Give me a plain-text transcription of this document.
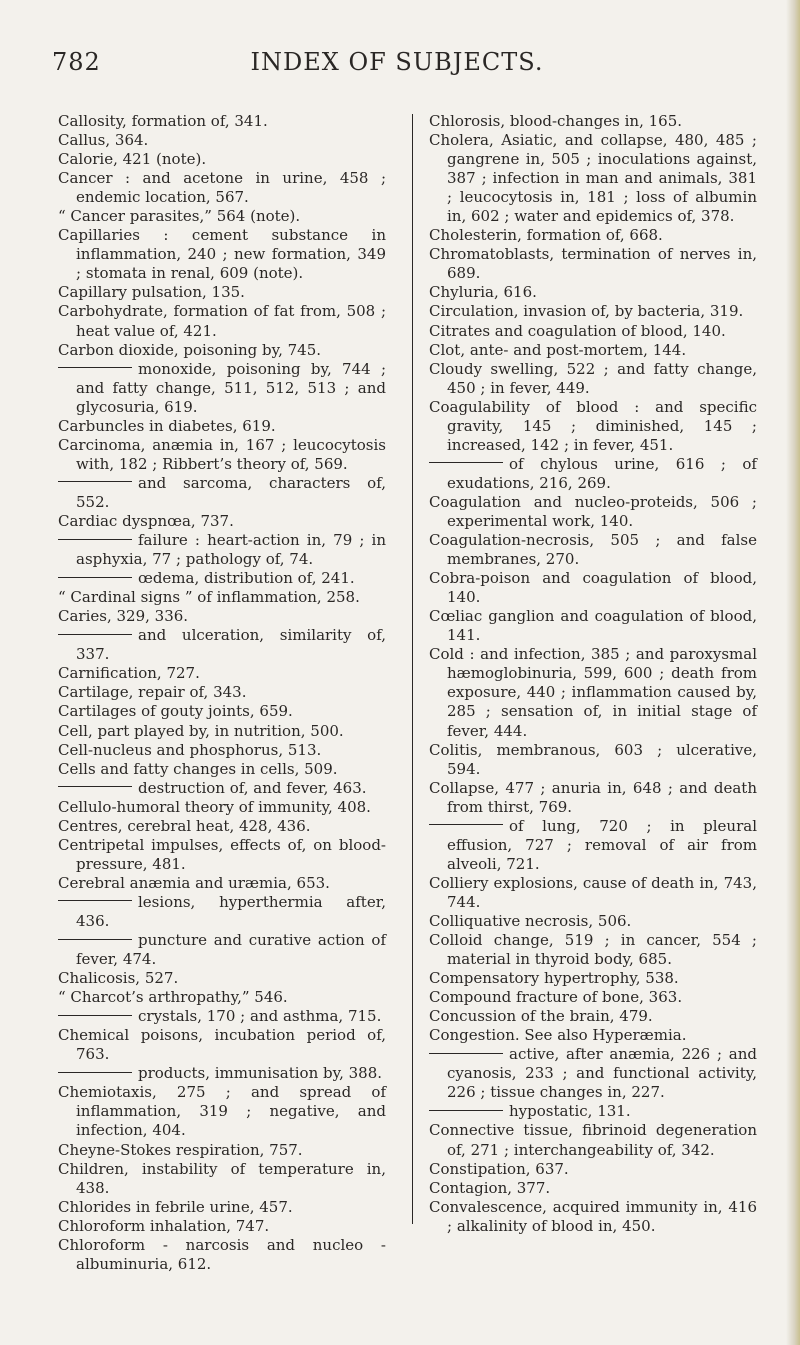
782	INDEX OF SUBJECTS.

Callosity, formation of, 341.

Callus, 364.

Calorie, 421 (note).

Cancer : and acetone in urine, 458 ; endemic location, 567.

“ Cancer parasites,” 564 (note).

Capillaries : cement substance in inflammation, 240 ; new formation, 349 ; stomata in renal, 609 (note).

Capillary pulsation, 135.

Carbohydrate, formation of fat from, 508 ; heat value of, 421.

Carbon dioxide, poisoning by, 745.

monoxide, poisoning by, 744 ; and fatty change, 511, 512, 513 ; and glycosuria, 619.

Carbuncles in diabetes, 619.

Carcinoma, anæmia in, 167 ; leucocytosis with, 182 ; Ribbert’s theory of, 569.

and sarcoma, characters of, 552.

Cardiac dyspnœa, 737.

failure : heart-action in, 79 ; in asphyxia, 77 ; pathology of, 74.

œdema, distribution of, 241.

“ Cardinal signs ” of inflammation, 258.

Caries, 329, 336.

and ulceration, similarity of, 337.

Carnification, 727.

Cartilage, repair of, 343.

Cartilages of gouty joints, 659.

Cell, part played by, in nutrition, 500.

Cell-nucleus and phosphorus, 513.

Cells and fatty changes in cells, 509.

destruction of, and fever, 463.

Cellulo-humoral theory of immunity, 408.

Centres, cerebral heat, 428, 436.

Centripetal impulses, effects of, on blood-pressure, 481.

Cerebral anæmia and uræmia, 653.

lesions, hyperthermia after, 436.

puncture and curative action of fever, 474.

Chalicosis, 527.

“ Charcot’s arthropathy,” 546.

crystals, 170 ; and asthma, 715.

Chemical poisons, incubation period of, 763.

products, immunisation by, 388.

Chemiotaxis, 275 ; and spread of inflammation, 319 ; negative, and infection, 404.

Cheyne-Stokes respiration, 757.

Children, instability of temperature in, 438.

Chlorides in febrile urine, 457.

Chloroform inhalation, 747.

Chloroform - narcosis and nucleo - albuminuria, 612.

Chlorosis, blood-changes in, 165.

Cholera, Asiatic, and collapse, 480, 485 ; gangrene in, 505 ; inoculations against, 387 ; infection in man and animals, 381 ; leucocytosis in, 181 ; loss of albumin in, 602 ; water and epidemics of, 378.

Cholesterin, formation of, 668.

Chromatoblasts, termination of nerves in, 689.

Chyluria, 616.

Circulation, invasion of, by bacteria, 319.

Citrates and coagulation of blood, 140.

Clot, ante- and post-mortem, 144.

Cloudy swelling, 522 ; and fatty change, 450 ; in fever, 449.

Coagulability of blood : and specific gravity, 145 ; diminished, 145 ; increased, 142 ; in fever, 451.

of chylous urine, 616 ; of exudations, 216, 269.

Coagulation and nucleo-proteids, 506 ; experimental work, 140.

Coagulation-necrosis, 505 ; and false membranes, 270.

Cobra-poison and coagulation of blood, 140.

Cœliac ganglion and coagulation of blood, 141.

Cold : and infection, 385 ; and paroxysmal hæmoglobinuria, 599, 600 ; death from exposure, 440 ; inflammation caused by, 285 ; sensation of, in initial stage of fever, 444.

Colitis, membranous, 603 ; ulcerative, 594.

Collapse, 477 ; anuria in, 648 ; and death from thirst, 769.

of lung, 720 ; in pleural effusion, 727 ; removal of air from alveoli, 721.

Colliery explosions, cause of death in, 743, 744.

Colliquative necrosis, 506.

Colloid change, 519 ; in cancer, 554 ; material in thyroid body, 685.

Compensatory hypertrophy, 538.

Compound fracture of bone, 363.

Concussion of the brain, 479.

Congestion. See also Hyperæmia.

active, after anæmia, 226 ; and cyanosis, 233 ; and functional activity, 226 ; tissue changes in, 227.

hypostatic, 131.

Connective tissue, fibrinoid degeneration of, 271 ; interchangeability of, 342.

Constipation, 637.

Contagion, 377.

Convalescence, acquired immunity in, 416 ; alkalinity of blood in, 450.
